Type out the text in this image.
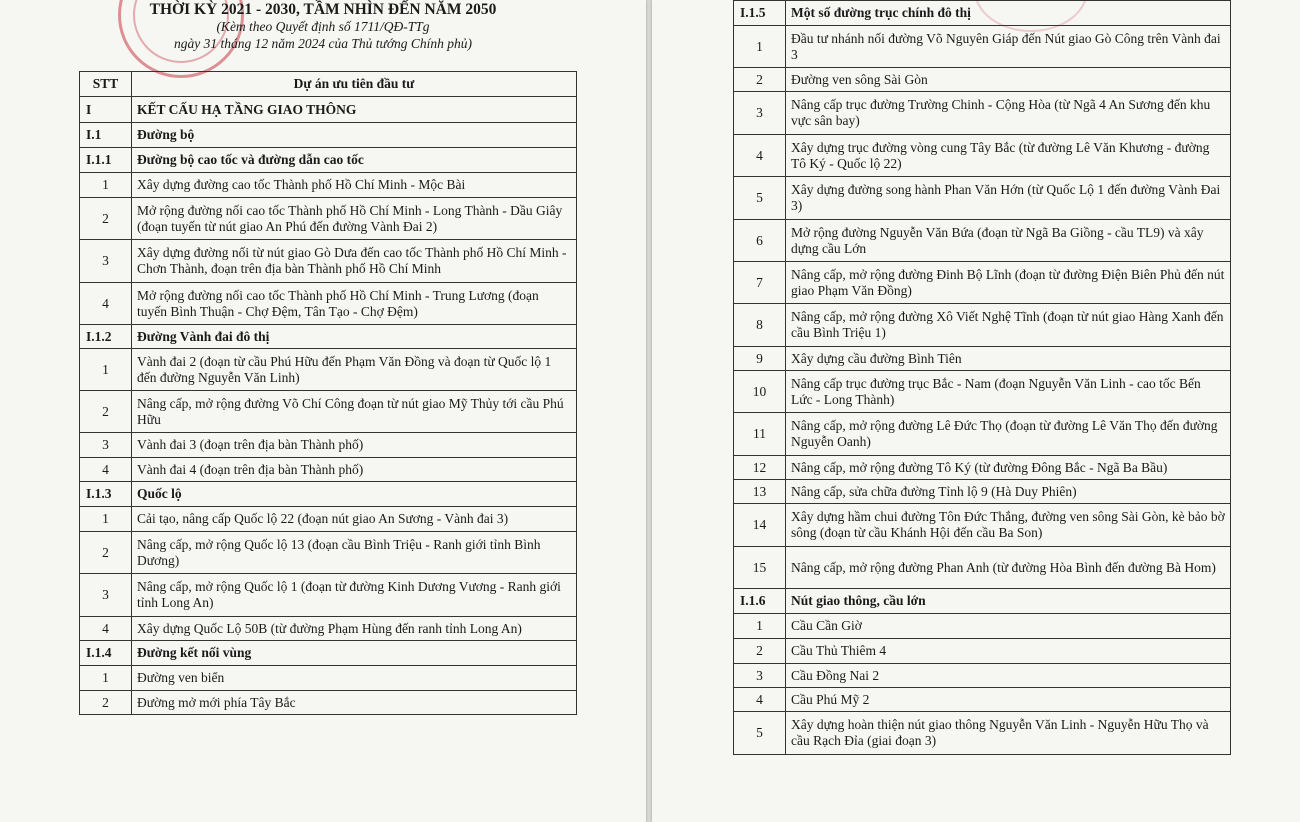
THỜI KỲ 2021 - 2030, TẦM NHÌN ĐẾN NĂM 2050
(Kèm theo Quyết định số 1711/QĐ-TTg
ngày 31 tháng 12 năm 2024 của Thủ tướng Chính phủ)
STT	Dự án ưu tiên đầu tư
I	KẾT CẤU HẠ TẦNG GIAO THÔNG
I.1	Đường bộ
I.1.1	Đường bộ cao tốc và đường dẫn cao tốc
1	Xây dựng đường cao tốc Thành phố Hồ Chí Minh - Mộc Bài
2	Mở rộng đường nối cao tốc Thành phố Hồ Chí Minh - Long Thành - Dầu Giây (đoạn tuyến từ nút giao An Phú đến đường Vành Đai 2)
3	Xây dựng đường nối từ nút giao Gò Dưa đến cao tốc Thành phố Hồ Chí Minh - Chơn Thành, đoạn trên địa bàn Thành phố Hồ Chí Minh
4	Mở rộng đường nối cao tốc Thành phố Hồ Chí Minh - Trung Lương (đoạn tuyến Bình Thuận - Chợ Đệm, Tân Tạo - Chợ Đệm)
I.1.2	Đường Vành đai đô thị
1	Vành đai 2 (đoạn từ cầu Phú Hữu đến Phạm Văn Đồng và đoạn từ Quốc lộ 1 đến đường Nguyễn Văn Linh)
2	Nâng cấp, mở rộng đường Võ Chí Công đoạn từ nút giao Mỹ Thủy tới cầu Phú Hữu
3	Vành đai 3 (đoạn trên địa bàn Thành phố)
4	Vành đai 4 (đoạn trên địa bàn Thành phố)
I.1.3	Quốc lộ
1	Cải tạo, nâng cấp Quốc lộ 22 (đoạn nút giao An Sương - Vành đai 3)
2	Nâng cấp, mở rộng Quốc lộ 13 (đoạn cầu Bình Triệu - Ranh giới tỉnh Bình Dương)
3	Nâng cấp, mở rộng Quốc lộ 1 (đoạn từ đường Kinh Dương Vương - Ranh giới tỉnh Long An)
4	Xây dựng Quốc Lộ 50B (từ đường Phạm Hùng đến ranh tỉnh Long An)
I.1.4	Đường kết nối vùng
1	Đường ven biển
2	Đường mở mới phía Tây Bắc
I.1.5	Một số đường trục chính đô thị
1	Đầu tư nhánh nối đường Võ Nguyên Giáp đến Nút giao Gò Công trên Vành đai 3
2	Đường ven sông Sài Gòn
3	Nâng cấp trục đường Trường Chinh - Cộng Hòa (từ Ngã 4 An Sương đến khu vực sân bay)
4	Xây dựng trục đường vòng cung Tây Bắc (từ đường Lê Văn Khương - đường Tô Ký - Quốc lộ 22)
5	Xây dựng đường song hành Phan Văn Hớn (từ Quốc Lộ 1 đến đường Vành Đai 3)
6	Mở rộng đường Nguyễn Văn Bứa (đoạn từ Ngã Ba Giồng - cầu TL9) và xây dựng cầu Lớn
7	Nâng cấp, mở rộng đường Đinh Bộ Lĩnh (đoạn từ đường Điện Biên Phủ đến nút giao Phạm Văn Đồng)
8	Nâng cấp, mở rộng đường Xô Viết Nghệ Tĩnh (đoạn từ nút giao Hàng Xanh đến cầu Bình Triệu 1)
9	Xây dựng cầu đường Bình Tiên
10	Nâng cấp trục đường trục Bắc - Nam (đoạn Nguyễn Văn Linh - cao tốc Bến Lức - Long Thành)
11	Nâng cấp, mở rộng đường Lê Đức Thọ (đoạn từ đường Lê Văn Thọ đến đường Nguyễn Oanh)
12	Nâng cấp, mở rộng đường Tô Ký (từ đường Đông Bắc - Ngã Ba Bầu)
13	Nâng cấp, sửa chữa đường Tỉnh lộ 9 (Hà Duy Phiên)
14	Xây dựng hầm chui đường Tôn Đức Thắng, đường ven sông Sài Gòn, kè bảo bờ sông (đoạn từ cầu Khánh Hội đến cầu Ba Son)
15	Nâng cấp, mở rộng đường Phan Anh (từ đường Hòa Bình đến đường Bà Hom)
I.1.6	Nút giao thông, cầu lớn
1	Cầu Cần Giờ
2	Cầu Thủ Thiêm 4
3	Cầu Đồng Nai 2
4	Cầu Phú Mỹ 2
5	Xây dựng hoàn thiện nút giao thông Nguyễn Văn Linh - Nguyễn Hữu Thọ và cầu Rạch Đỉa (giai đoạn 3)
